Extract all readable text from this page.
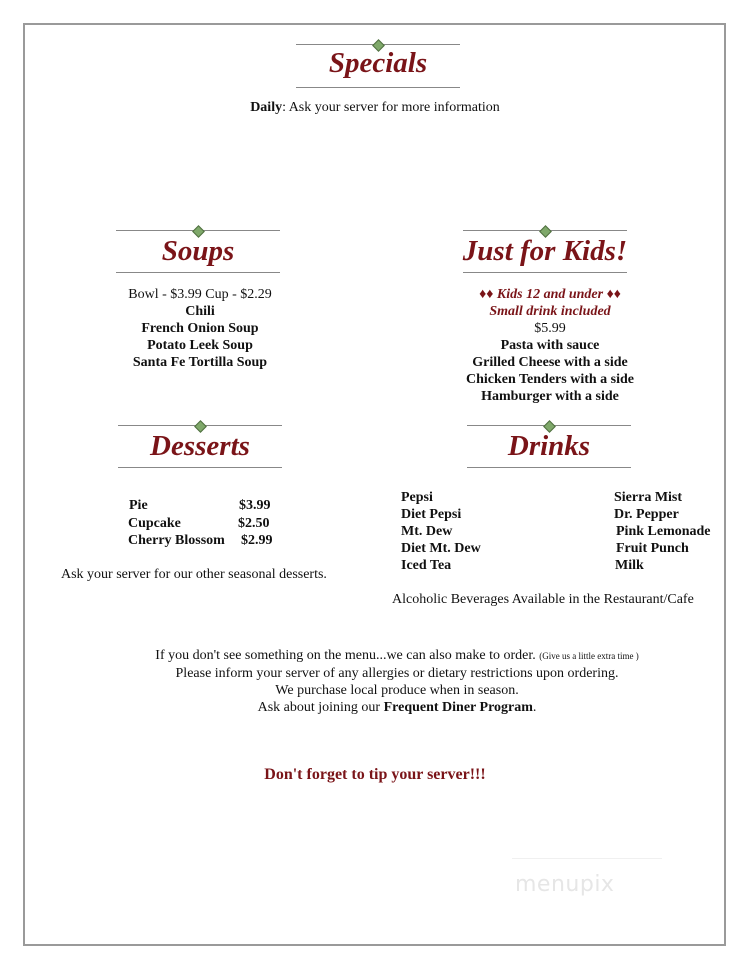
Specials
Daily: Ask your server for more information
Soups
Bowl - $3.99 Cup - $2.29
Chili
French Onion Soup
Potato Leek Soup
Santa Fe Tortilla Soup
Just for Kids!
♦♦ Kids 12 and under ♦♦
Small drink included
$5.99
Pasta with sauce
Grilled Cheese with a side
Chicken Tenders with a side
Hamburger with a side
Desserts
Pie	$3.99
Cupcake	$2.50
Cherry Blossom $2.99
Ask your server for our other seasonal desserts.
Drinks
Pepsi
Diet Pepsi
Mt. Dew
Diet Mt. Dew
Iced Tea
Sierra Mist
Dr. Pepper
Pink Lemonade
Fruit Punch
Milk
Alcoholic Beverages Available in the Restaurant/Cafe
If you don't see something on the menu...we can also make to order. (Give us a little extra time )
Please inform your server of any allergies or dietary restrictions upon ordering.
We purchase local produce when in season.
Ask about joining our Frequent Diner Program.
Don't forget to tip your server!!!
menupix
